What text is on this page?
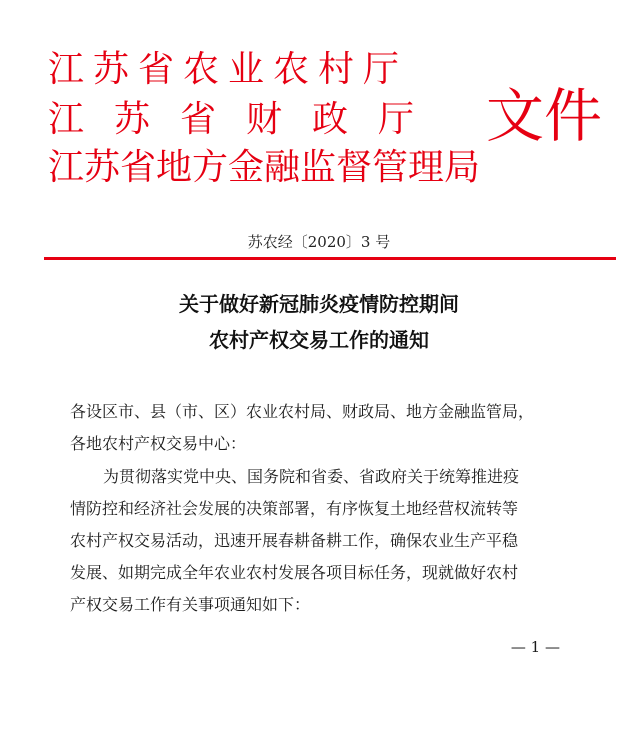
江苏省农业农村厅
江苏省财政厅
江苏省地方金融监督管理局
文件
苏农经〔2020〕3 号
关于做好新冠肺炎疫情防控期间
农村产权交易工作的通知
各设区市、县（市、区）农业农村局、财政局、地方金融监管局，
各地农村产权交易中心：
为贯彻落实党中央、国务院和省委、省政府关于统筹推进疫
情防控和经济社会发展的决策部署，有序恢复土地经营权流转等
农村产权交易活动，迅速开展春耕备耕工作，确保农业生产平稳
发展、如期完成全年农业农村发展各项目标任务，现就做好农村
产权交易工作有关事项通知如下：
— 1 —
